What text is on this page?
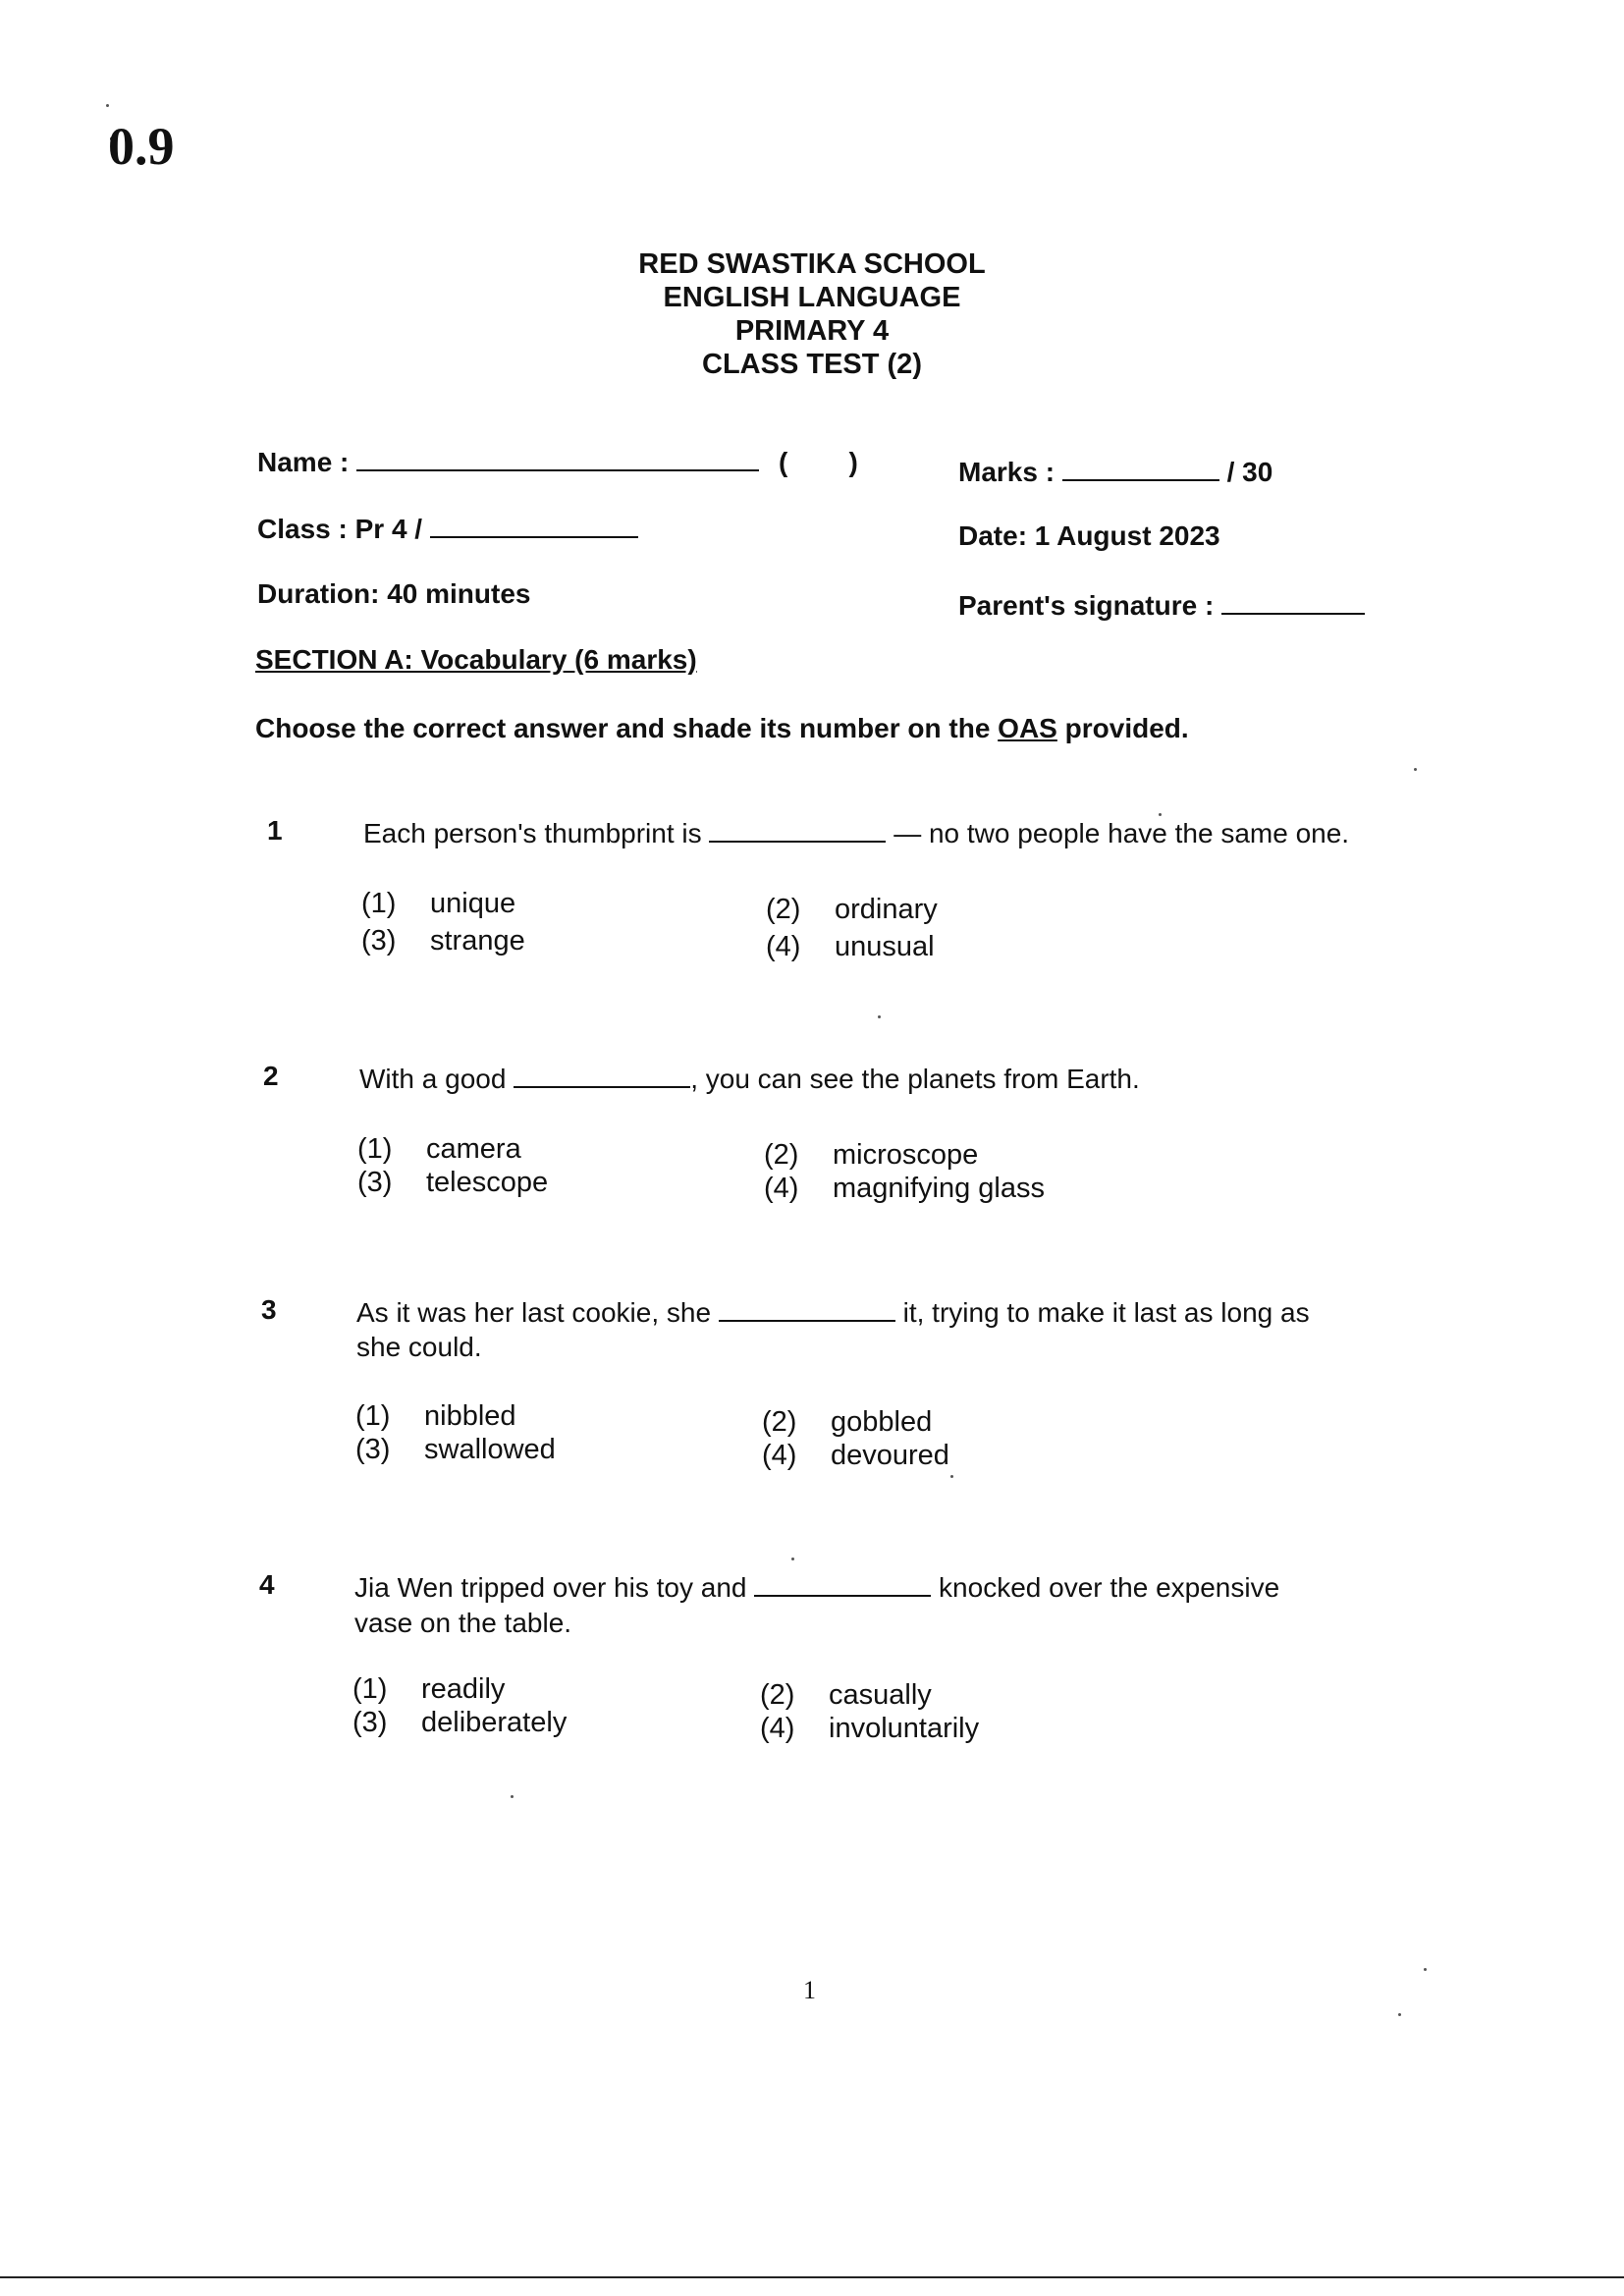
0.9
RED SWASTIKA SCHOOL
ENGLISH LANGUAGE
PRIMARY 4
CLASS TEST (2)
Name :	(        )	Marks :	/ 30
Class : Pr 4 /	Date: 1 August 2023
Duration: 40 minutes	Parent's signature :
SECTION A: Vocabulary (6 marks)
Choose the correct answer and shade its number on the OAS provided.
1	Each person's thumbprint is	— no two people have the same one.
(1) unique	(2) ordinary
(3) strange	(4) unusual
2	With a good	, you can see the planets from Earth.
(1) camera	(2) microscope
(3) telescope	(4) magnifying glass
3	As it was her last cookie, she	it, trying to make it last as long as
she could.
(1) nibbled	(2) gobbled
(3) swallowed	(4) devoured
4	Jia Wen tripped over his toy and	knocked over the expensive
vase on the table.
(1) readily	(2) casually
(3) deliberately	(4) involuntarily
1
